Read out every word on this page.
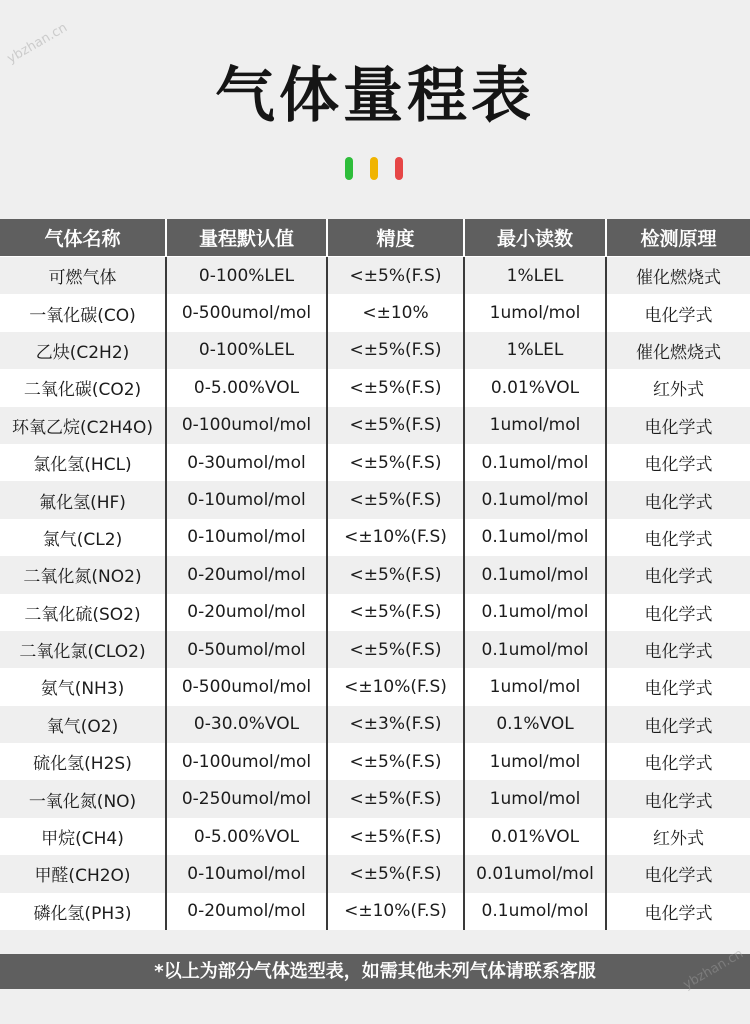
ybzhan.cn
气体量程表
气体名称	量程默认值	精度	最小读数	检测原理
可燃气体	0-100%LEL	<±5%(F.S)	1%LEL	催化燃烧式
一氧化碳(CO)	0-500umol/mol	<±10%	1umol/mol	电化学式
乙炔(C2H2)	0-100%LEL	<±5%(F.S)	1%LEL	催化燃烧式
二氧化碳(CO2)	0-5.00%VOL	<±5%(F.S)	0.01%VOL	红外式
环氧乙烷(C2H4O)	0-100umol/mol	<±5%(F.S)	1umol/mol	电化学式
氯化氢(HCL)	0-30umol/mol	<±5%(F.S)	0.1umol/mol	电化学式
氟化氢(HF)	0-10umol/mol	<±5%(F.S)	0.1umol/mol	电化学式
氯气(CL2)	0-10umol/mol	<±10%(F.S)	0.1umol/mol	电化学式
二氧化氮(NO2)	0-20umol/mol	<±5%(F.S)	0.1umol/mol	电化学式
二氧化硫(SO2)	0-20umol/mol	<±5%(F.S)	0.1umol/mol	电化学式
二氧化氯(CLO2)	0-50umol/mol	<±5%(F.S)	0.1umol/mol	电化学式
氨气(NH3)	0-500umol/mol	<±10%(F.S)	1umol/mol	电化学式
氧气(O2)	0-30.0%VOL	<±3%(F.S)	0.1%VOL	电化学式
硫化氢(H2S)	0-100umol/mol	<±5%(F.S)	1umol/mol	电化学式
一氧化氮(NO)	0-250umol/mol	<±5%(F.S)	1umol/mol	电化学式
甲烷(CH4)	0-5.00%VOL	<±5%(F.S)	0.01%VOL	红外式
甲醛(CH2O)	0-10umol/mol	<±5%(F.S)	0.01umol/mol	电化学式
磷化氢(PH3)	0-20umol/mol	<±10%(F.S)	0.1umol/mol	电化学式
*以上为部分气体选型表，如需其他未列气体请联系客服	ybzhan.cn
